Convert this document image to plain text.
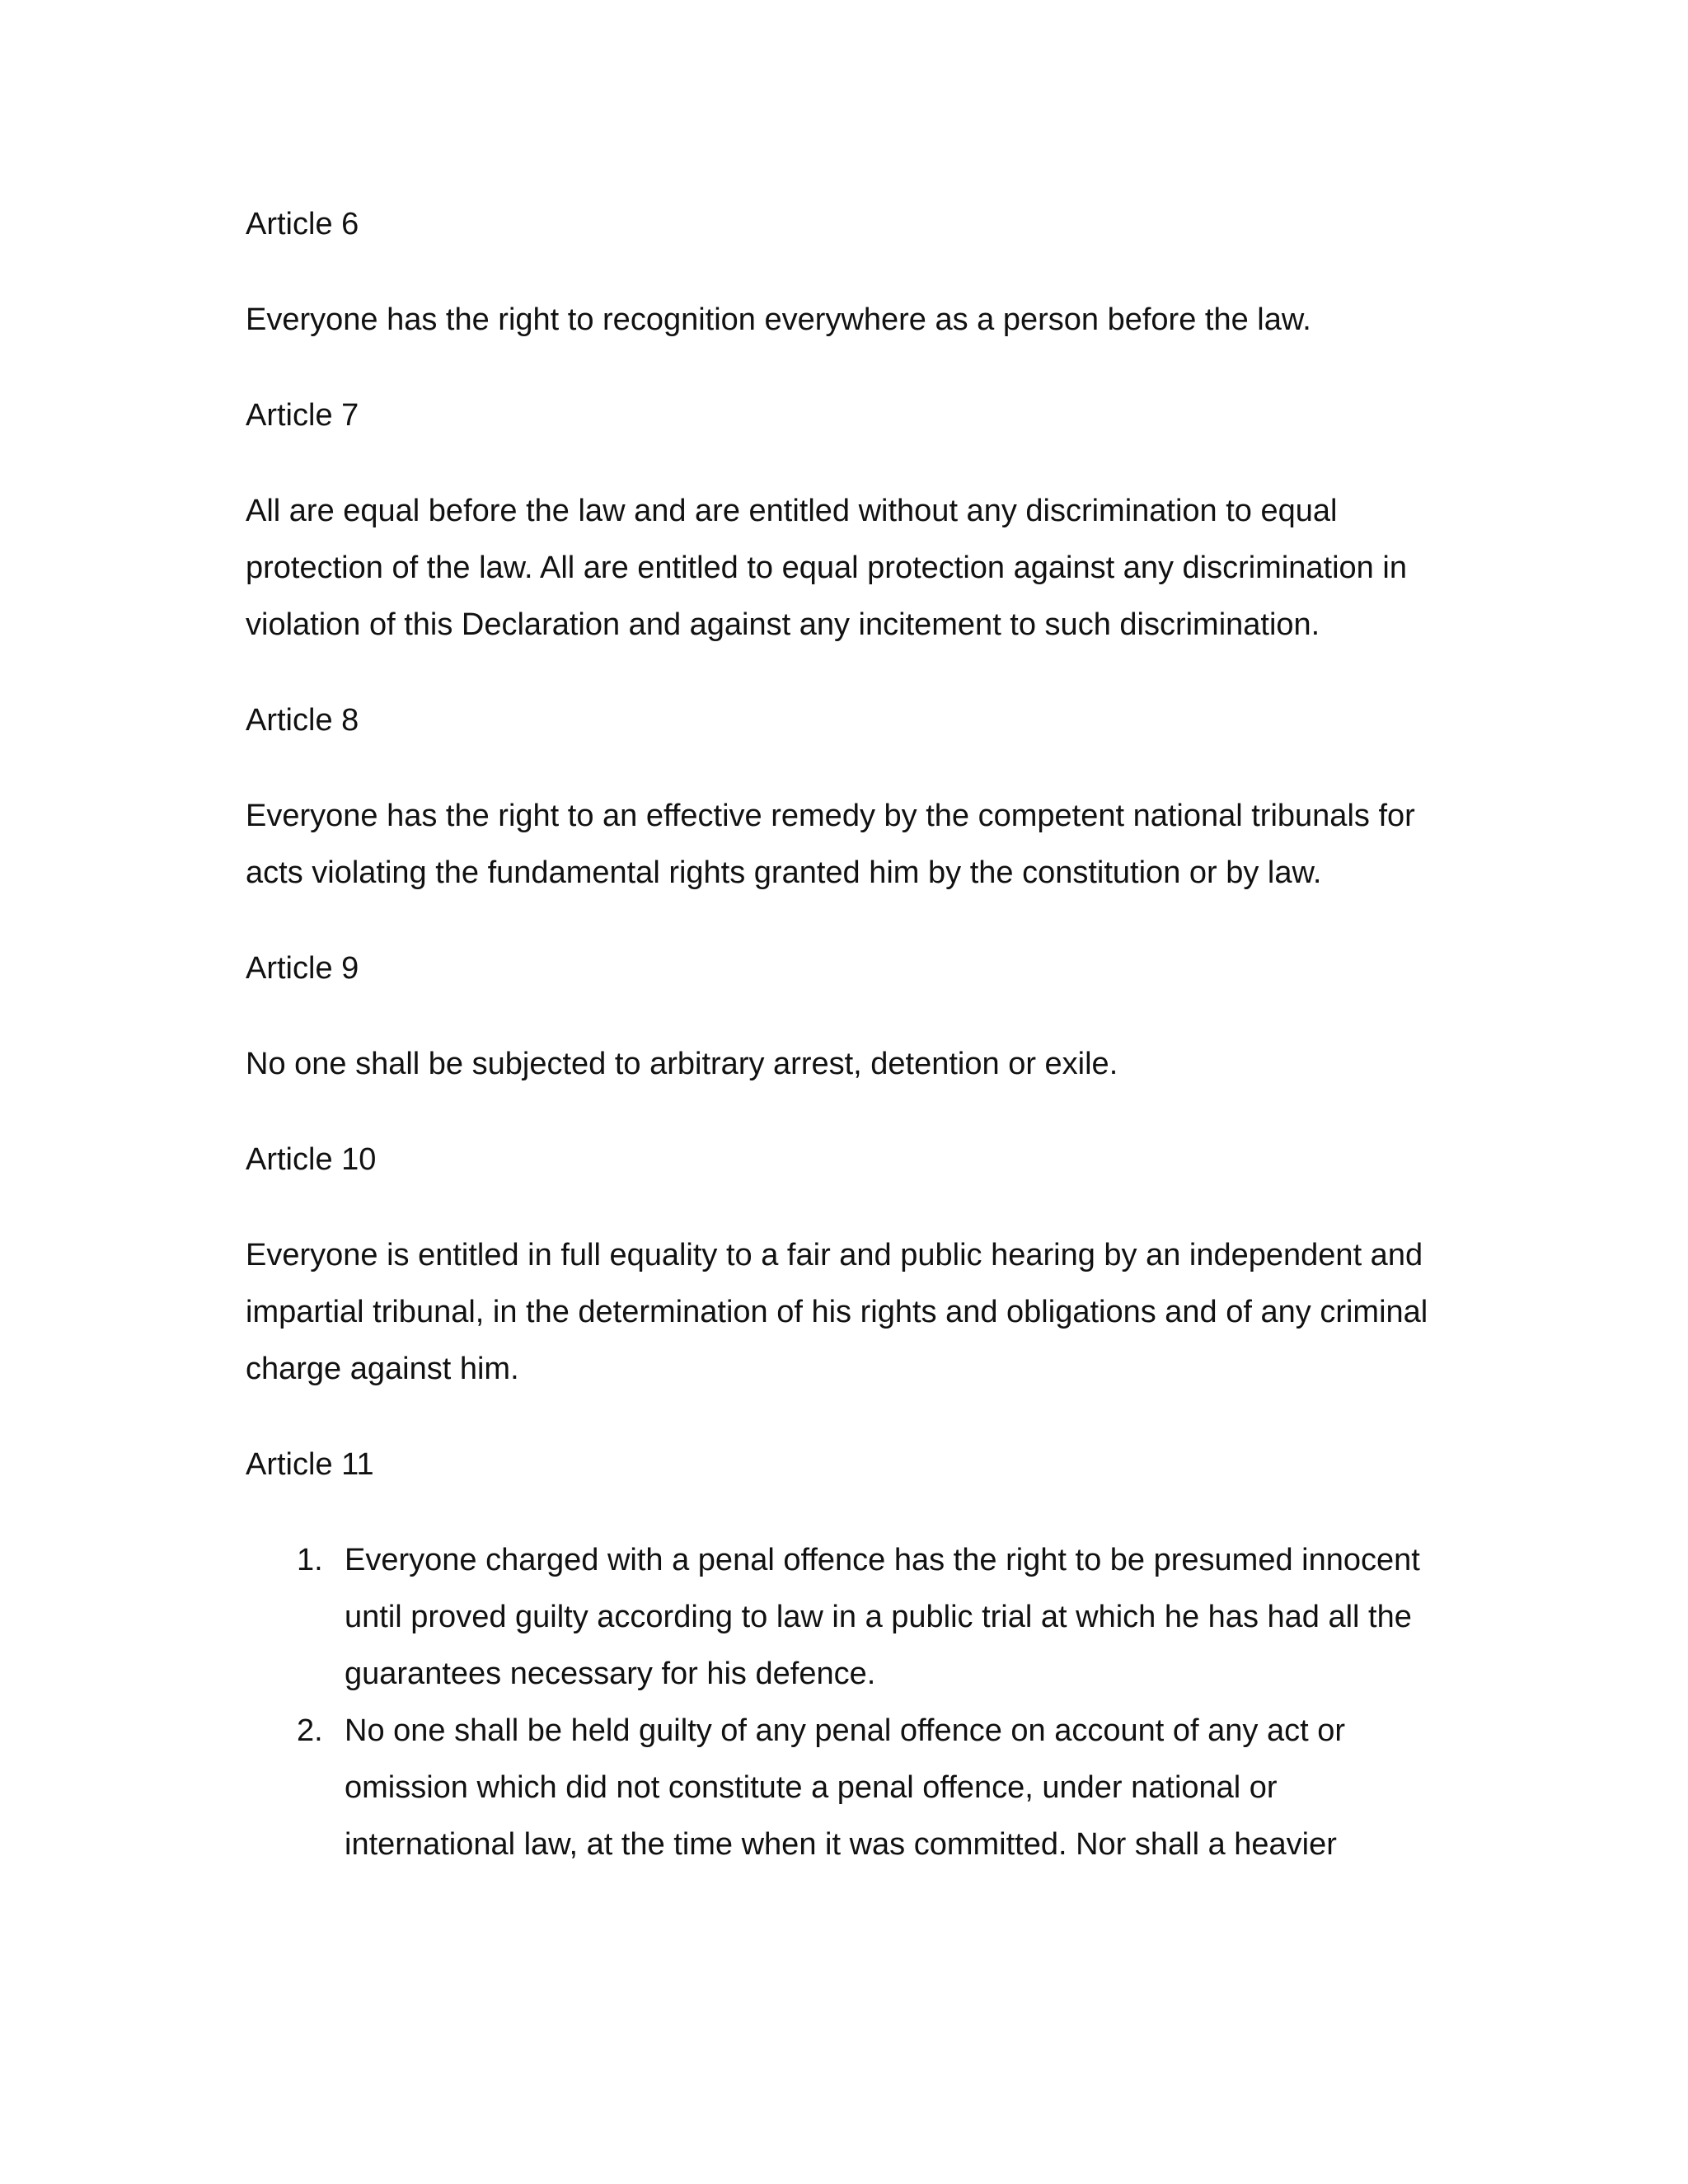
Article 6
Everyone has the right to recognition everywhere as a person before the law.
Article 7
All are equal before the law and are entitled without any discrimination to equal protection of the law. All are entitled to equal protection against any discrimination in violation of this Declaration and against any incitement to such discrimination.
Article 8
Everyone has the right to an effective remedy by the competent national tribunals for acts violating the fundamental rights granted him by the constitution or by law.
Article 9
No one shall be subjected to arbitrary arrest, detention or exile.
Article 10
Everyone is entitled in full equality to a fair and public hearing by an independent and impartial tribunal, in the determination of his rights and obligations and of any criminal charge against him.
Article 11
1. Everyone charged with a penal offence has the right to be presumed innocent until proved guilty according to law in a public trial at which he has had all the guarantees necessary for his defence.
2. No one shall be held guilty of any penal offence on account of any act or omission which did not constitute a penal offence, under national or international law, at the time when it was committed. Nor shall a heavier
